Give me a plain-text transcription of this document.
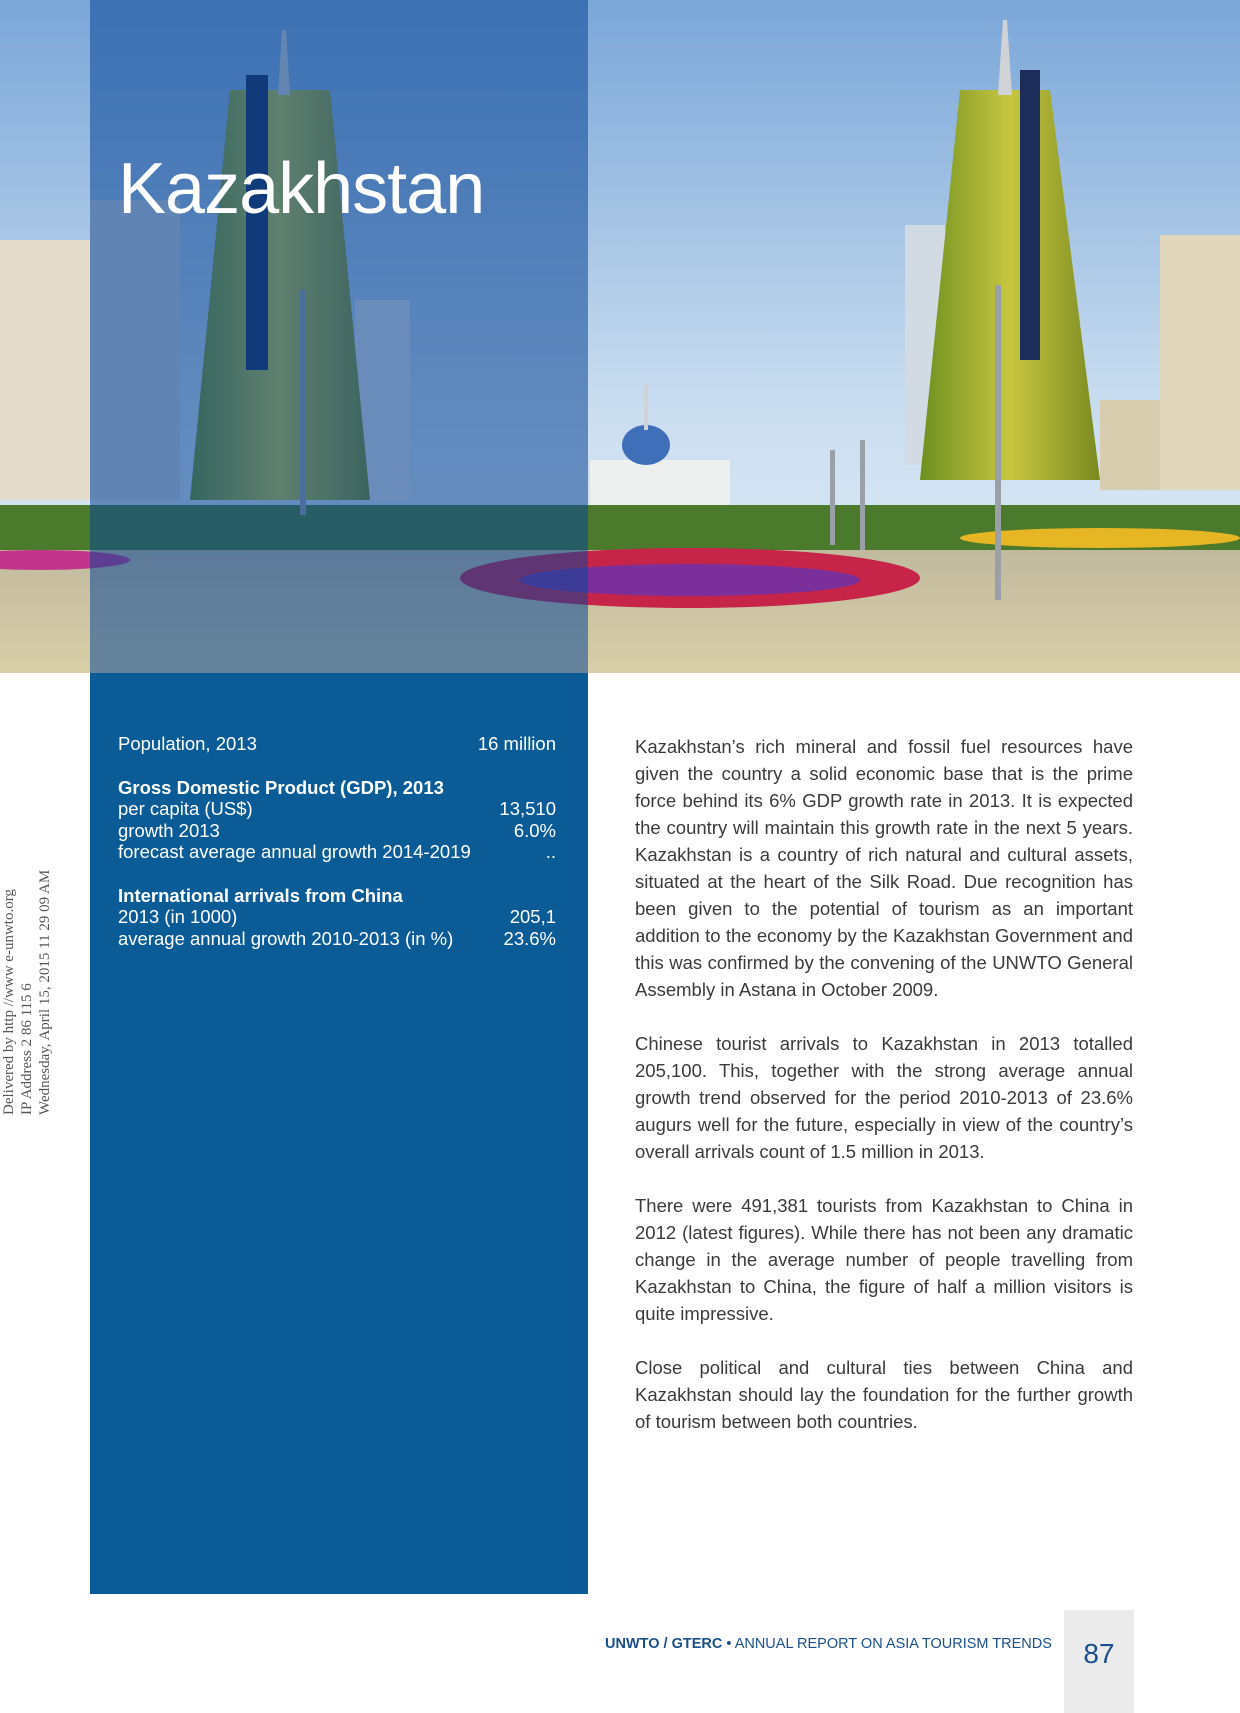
Kazakhstan
Population, 2013	16 million
Gross Domestic Product (GDP), 2013
per capita (US$)	13,510
growth 2013	6.0%
forecast average annual growth 2014-2019	..
International arrivals from China
2013 (in 1000)	205,1
average annual growth 2010-2013 (in %)	23.6%

Kazakhstan’s rich mineral and fossil fuel resources have given the country a solid economic base that is the prime force behind its 6% GDP growth rate in 2013. It is expected the country will maintain this growth rate in the next 5 years. Kazakhstan is a country of rich natural and cultural assets, situated at the heart of the Silk Road. Due recognition has been given to the potential of tourism as an important addition to the economy by the Kazakhstan Government and this was confirmed by the convening of the UNWTO General Assembly in Astana in October 2009.

Chinese tourist arrivals to Kazakhstan in 2013 totalled 205,100. This, together with the strong average annual growth trend observed for the period 2010-2013 of 23.6% augurs well for the future, especially in view of the country’s overall arrivals count of 1.5 million in 2013.

There were 491,381 tourists from Kazakhstan to China in 2012 (latest figures). While there has not been any dramatic change in the average number of people travelling from Kazakhstan to China, the figure of half a million visitors is quite impressive.

Close political and cultural ties between China and Kazakhstan should lay the foundation for the further growth of tourism between both countries.

Delivered by http //www e-unwto.org IP Address 2 86 115 6 Wednesday, April 15, 2015 11 29 09 AM
UNWTO / GTERC • ANNUAL REPORT ON ASIA TOURISM TRENDS	87
